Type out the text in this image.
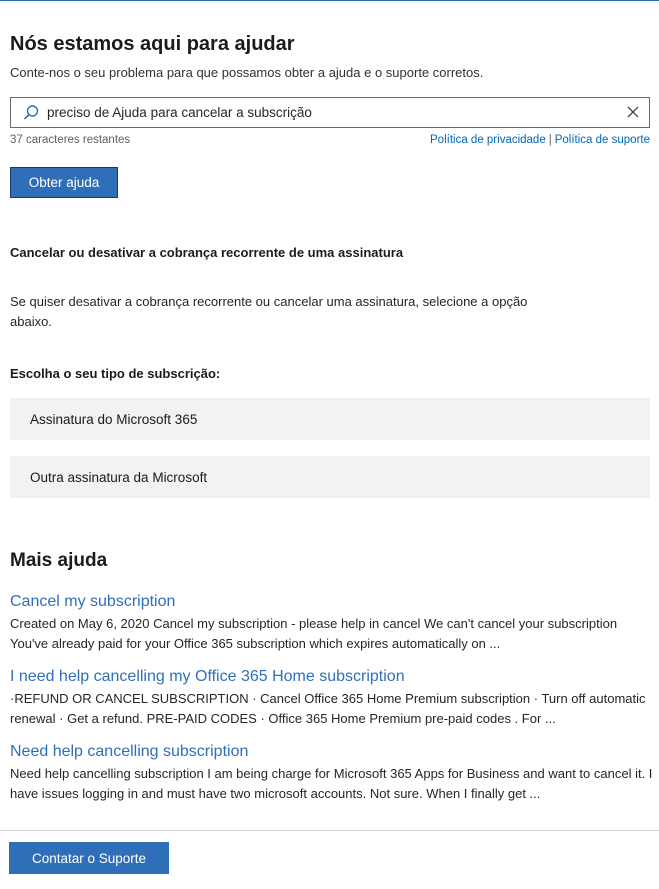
Nós estamos aqui para ajudar

Conte-nos o seu problema para que possamos obter a ajuda e o suporte corretos.

preciso de Ajuda para cancelar a subscrição
37 caracteres restantes	Política de privacidade | Política de suporte
Obter ajuda
Cancelar ou desativar a cobrança recorrente de uma assinatura

Se quiser desativar a cobrança recorrente ou cancelar uma assinatura, selecione a opção abaixo.

Escolha o seu tipo de subscrição:
Assinatura do Microsoft 365
Outra assinatura da Microsoft
Mais ajuda
Cancel my subscription

Created on May 6, 2020 Cancel my subscription - please help in cancel We can't cancel your subscription You've already paid for your Office 365 subscription which expires automatically on ...

I need help cancelling my Office 365 Home subscription

·REFUND OR CANCEL SUBSCRIPTION · Cancel Office 365 Home Premium subscription · Turn off automatic renewal · Get a refund. PRE-PAID CODES · Office 365 Home Premium pre-paid codes . For ...

Need help cancelling subscription

Need help cancelling subscription I am being charge for Microsoft 365 Apps for Business and want to cancel it. I have issues logging in and must have two microsoft accounts. Not sure. When I finally get ...

Contatar o Suporte
